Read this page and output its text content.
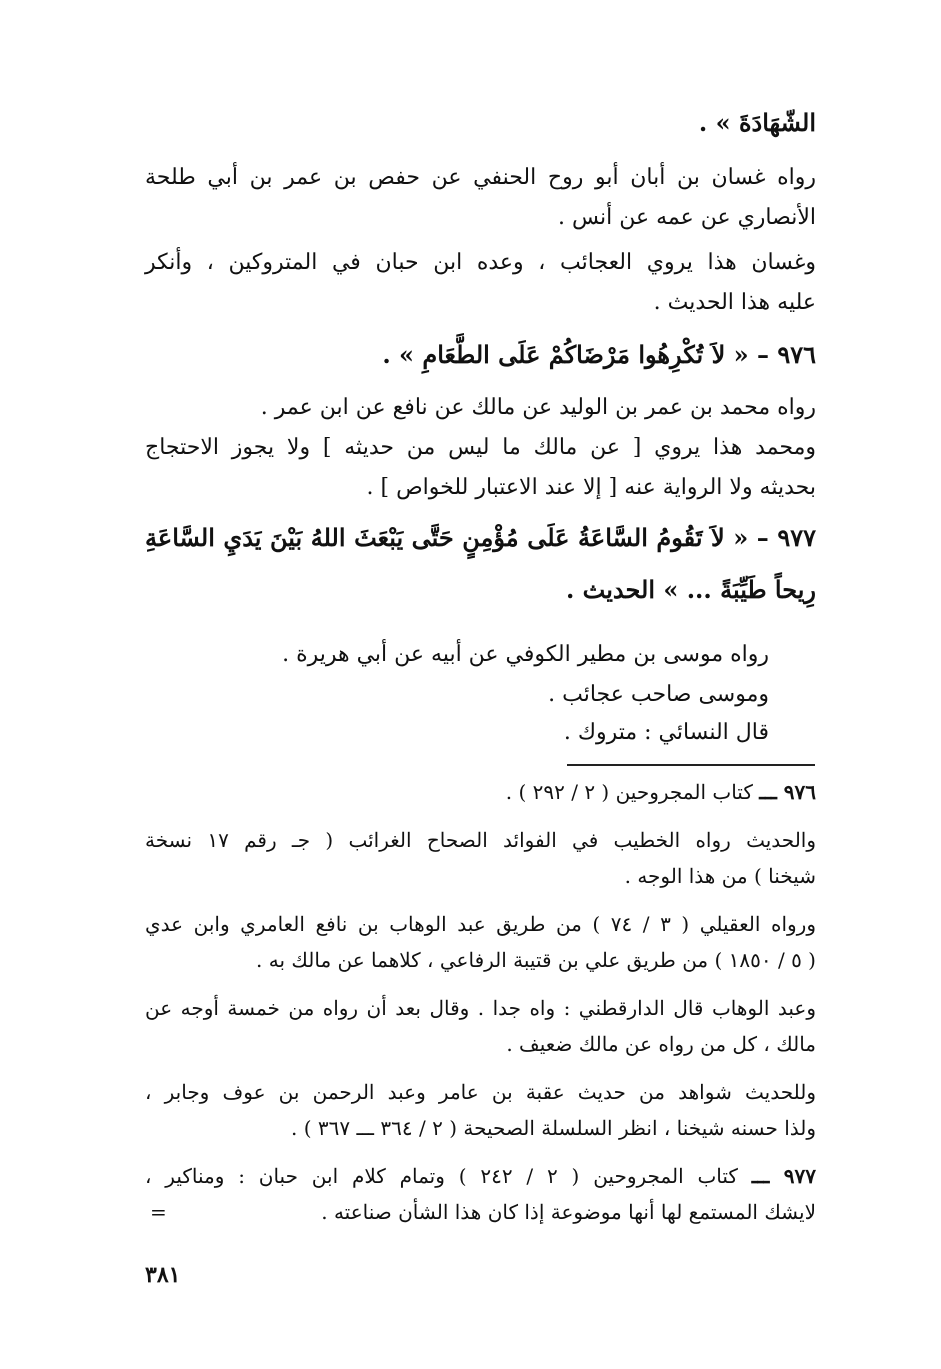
الشّهَادَةَ » .
رواه غسان بن أبان أبو روح الحنفي عن حفص بن عمر بن أبي طلحة
الأنصاري عن عمه عن أنس .
وغسان هذا يروي العجائب ، وعده ابن حبان في المتروكين ، وأنكر
عليه هذا الحديث .
٩٧٦ – « لاَ تُكْرِهُوا مَرْضَاكُمْ عَلَى الطَّعَامِ » .
رواه محمد بن عمر بن الوليد عن مالك عن نافع عن ابن عمر .
ومحمد هذا يروي [ عن مالك ما ليس من حديثه ] ولا يجوز الاحتجاج
بحديثه ولا الرواية عنه [ إلا عند الاعتبار للخواص ] .
٩٧٧ – « لاَ تَقُومُ السَّاعَةُ عَلَى مُؤْمِنٍ حَتَّى يَبْعَثَ اللهُ بَيْنَ يَدَيِ السَّاعَةِ
رِيحاً طَيِّبَةً ... » الحديث .
رواه موسى بن مطير الكوفي عن أبيه عن أبي هريرة .
وموسى صاحب عجائب .
قال النسائي : متروك .
٩٧٦ ـــ كتاب المجروحين ( ٢ / ٢٩٢ ) .
والحديث رواه الخطيب في الفوائد الصحاح الغرائب ( جـ رقم ١٧ نسخة
شيخنا ) من هذا الوجه .
ورواه العقيلي ( ٣ / ٧٤ ) من طريق عبد الوهاب بن نافع العامري وابن عدي
( ٥ / ١٨٥٠ ) من طريق علي بن قتيبة الرفاعي ، كلاهما عن مالك به .
وعبد الوهاب قال الدارقطني : واه جدا . وقال بعد أن رواه من خمسة أوجه عن
مالك ، كل من رواه عن مالك ضعيف .
وللحديث شواهد من حديث عقبة بن عامر وعبد الرحمن بن عوف وجابر ،
ولذا حسنه شيخنا ، انظر السلسلة الصحيحة ( ٢ / ٣٦٤ ـــ ٣٦٧ ) .
٩٧٧ ـــ كتاب المجروحين ( ٢ / ٢٤٢ ) وتمام كلام ابن حبان : ومناكير ،
لايشك المستمع لها أنها موضوعة إذا كان هذا الشأن صناعته .
=
٣٨١
